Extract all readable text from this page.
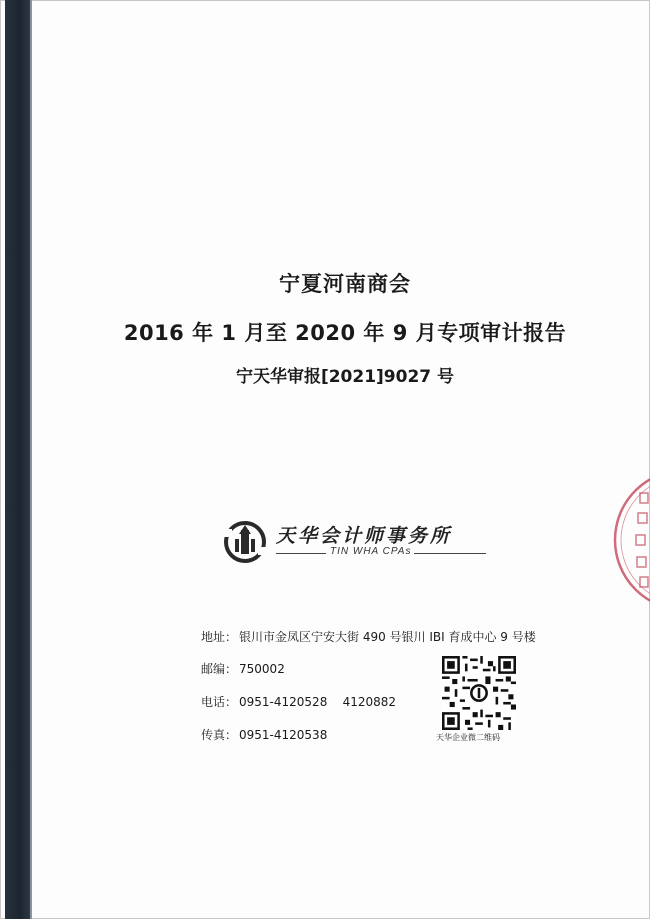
宁夏河南商会
2016 年 1 月至 2020 年 9 月专项审计报告
宁天华审报[2021]9027 号
天华会计师事务所
TIN WHA CPAs
地址： 银川市金凤区宁安大街 490 号银川 IBI 育成中心 9 号楼
邮编： 750002
电话： 0951-4120528    4120882
传真： 0951-4120538	天华企业微二维码
